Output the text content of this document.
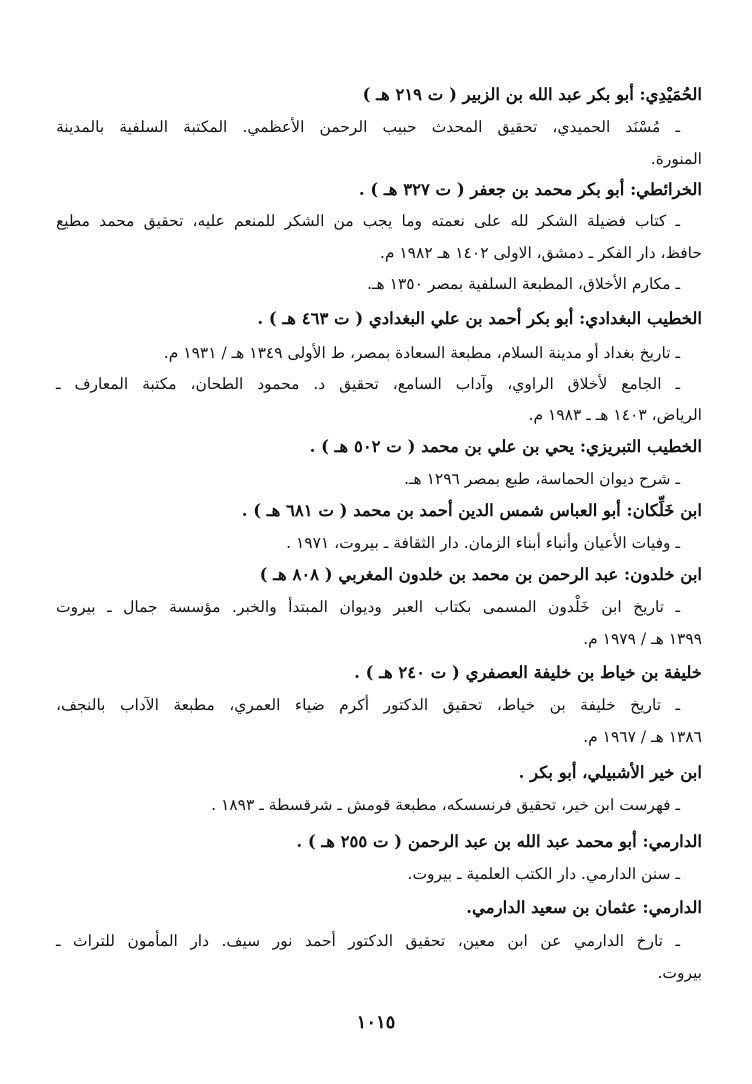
الحُمَيْدِي: أبو بكر عبد الله بن الزبير ( ت ٢١٩ هـ )
ـ مُسْنَد الحميدي، تحقيق المحدث حبيب الرحمن الأعظمي. المكتبة السلفية بالمدينة
المنورة.
الخرائطي: أبو بكر محمد بن جعفر ( ت ٣٢٧ هـ ) .
ـ كتاب فضيلة الشكر لله على نعمته وما يجب من الشكر للمنعم عليه، تحقيق محمد مطيع
حافظ، دار الفكر ـ دمشق، الاولى ١٤٠٢ هـ ١٩٨٢ م.
ـ مكارم الأخلاق، المطبعة السلفية بمصر ١٣٥٠ هـ.
الخطيب البغدادي: أبو بكر أحمد بن علي البغدادي ( ت ٤٦٣ هـ ) .
ـ تاريخ بغداد أو مدينة السلام، مطبعة السعادة بمصر، ط الأولى ١٣٤٩ هـ / ١٩٣١ م.
ـ الجامع لأخلاق الراوي، وآداب السامع، تحقيق د. محمود الطحان، مكتبة المعارف ـ
الرياض، ١٤٠٣ هـ ـ ١٩٨٣ م.
الخطيب التبريزي: يحي بن علي بن محمد ( ت ٥٠٢ هـ ) .
ـ شرح ديوان الحماسة، طبع بمصر ١٢٩٦ هـ.
ابن خَلِّكان: أبو العباس شمس الدين أحمد بن محمد ( ت ٦٨١ هـ ) .
ـ وفيات الأعيان وأنباء أبناء الزمان. دار الثقافة ـ بيروت، ١٩٧١ .
ابن خلدون: عبد الرحمن بن محمد بن خلدون المغربي ( ٨٠٨ هـ )
ـ تاريخ ابن خَلْدون المسمى بكتاب العبر وديوان المبتدأ والخبر. مؤسسة جمال ـ بيروت
١٣٩٩ هـ / ١٩٧٩ م.
خليفة بن خياط بن خليفة العصفري ( ت ٢٤٠ هـ ) .
ـ تاريخ خليفة بن خياط، تحقيق الدكتور أكرم ضياء العمري، مطبعة الآداب بالنجف،
١٣٨٦ هـ / ١٩٦٧ م.
ابن خير الأشبيلي، أبو بكر .
ـ فهرست ابن خير، تحقيق فرنسسكه، مطبعة قومش ـ شرقسطة ـ ١٨٩٣ .
الدارمي: أبو محمد عبد الله بن عبد الرحمن ( ت ٢٥٥ هـ ) .
ـ سنن الدارمي. دار الكتب العلمية ـ بيروت.
الدارمي: عثمان بن سعيد الدارمي.
ـ تارخ الدارمي عن ابن معين، تحقيق الدكتور أحمد نور سيف. دار المأمون للتراث ـ
بيروت.
١٠١٥
